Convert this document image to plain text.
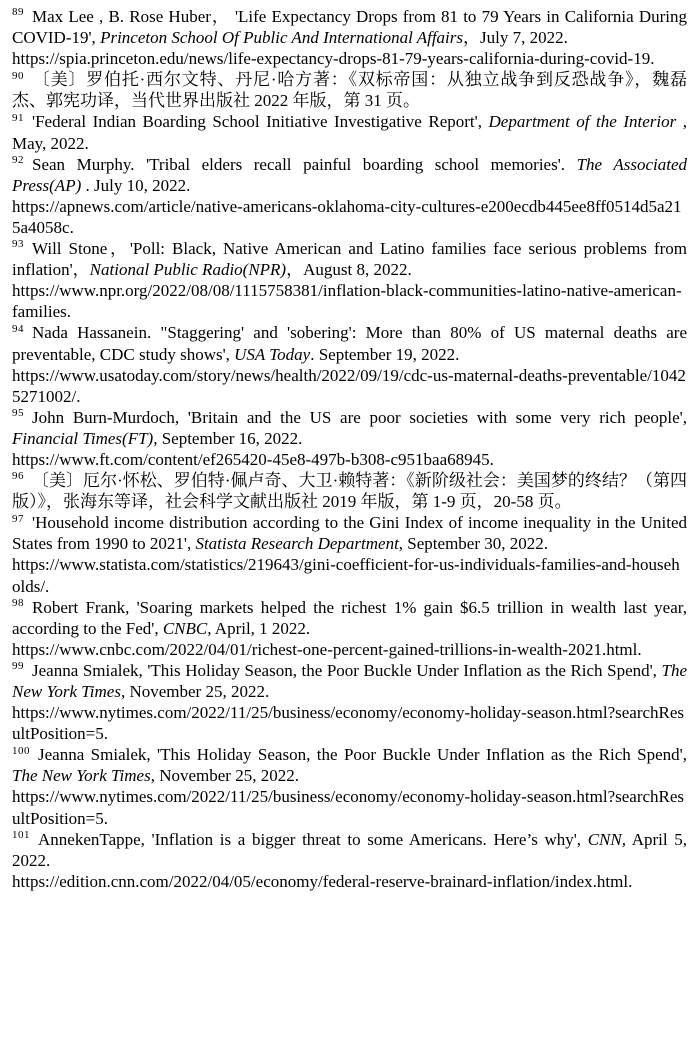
$^{89}$ Max Lee , B. Rose Huber， 'Life Expectancy Drops from 81 to 79 Years in California During COVID-19', Princeton School Of Public And International Affairs，July 7, 2022.
https://spia.princeton.edu/news/life-expectancy-drops-81-79-years-california-during-covid-19.
$^{90}$ 〔美〕罗伯托·西尔文特、丹尼·哈方著：《双标帝国：从独立战争到反恐战争》，魏磊杰、郭宪功译，当代世界出版社 2022 年版，第 31 页。
$^{91}$ 'Federal Indian Boarding School Initiative Investigative Report', Department of the Interior , May, 2022.
$^{92}$ Sean Murphy. 'Tribal elders recall painful boarding school memories'. The Associated Press(AP) . July 10, 2022.
https://apnews.com/article/native-americans-oklahoma-city-cultures-e200ecdb445ee8ff0514d5a215a4058c.
$^{93}$ Will Stone，'Poll: Black, Native American and Latino families face serious problems from inflation'，National Public Radio(NPR)，August 8, 2022.
https://www.npr.org/2022/08/08/1115758381/inflation-black-communities-latino-native-american-families.
$^{94}$ Nada Hassanein. "Staggering' and 'sobering': More than 80% of US maternal deaths are preventable, CDC study shows', USA Today. September 19, 2022.
https://www.usatoday.com/story/news/health/2022/09/19/cdc-us-maternal-deaths-preventable/10425271002/.
$^{95}$ John Burn-Murdoch, 'Britain and the US are poor societies with some very rich people', Financial Times(FT), September 16, 2022.
https://www.ft.com/content/ef265420-45e8-497b-b308-c951baa68945.
$^{96}$ 〔美〕厄尔·怀松、罗伯特·佩卢奇、大卫·赖特著：《新阶级社会：美国梦的终结？（第四版）》，张海东等译，社会科学文献出版社 2019 年版，第 1-9 页，20-58 页。
$^{97}$ 'Household income distribution according to the Gini Index of income inequality in the United States from 1990 to 2021', Statista Research Department, September 30, 2022.
https://www.statista.com/statistics/219643/gini-coefficient-for-us-individuals-families-and-households/.
$^{98}$ Robert Frank, 'Soaring markets helped the richest 1% gain $6.5 trillion in wealth last year, according to the Fed', CNBC, April, 1 2022.
https://www.cnbc.com/2022/04/01/richest-one-percent-gained-trillions-in-wealth-2021.html.
$^{99}$ Jeanna Smialek, 'This Holiday Season, the Poor Buckle Under Inflation as the Rich Spend', The New York Times, November 25, 2022.
https://www.nytimes.com/2022/11/25/business/economy/economy-holiday-season.html?searchResultPosition=5.
$^{100}$ Jeanna Smialek, 'This Holiday Season, the Poor Buckle Under Inflation as the Rich Spend', The New York Times, November 25, 2022.
https://www.nytimes.com/2022/11/25/business/economy/economy-holiday-season.html?searchResultPosition=5.
$^{101}$ AnnekenTappe, 'Inflation is a bigger threat to some Americans. Here’s why', CNN, April 5, 2022.
https://edition.cnn.com/2022/04/05/economy/federal-reserve-brainard-inflation/index.html.
